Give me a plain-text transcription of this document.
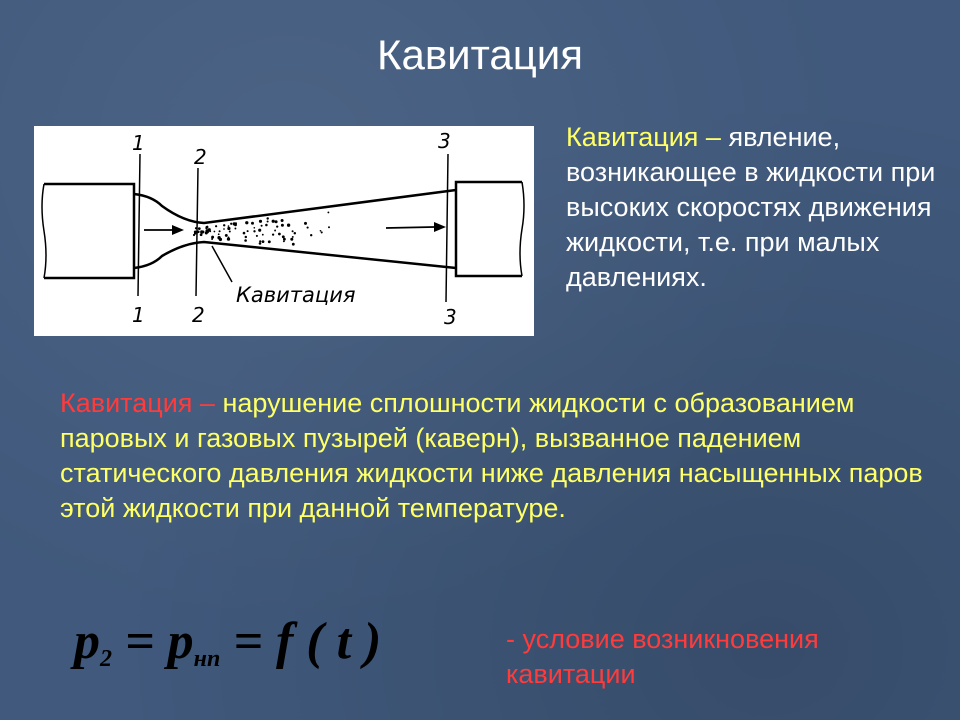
Кавитация
1
2
3
1 2	3
Кавитация
Кавитация – явление, возникающее в жидкости при высоких скоростях движения жидкости, т.е. при малых давлениях.
Кавитация – нарушение сплошности жидкости с образованием паровых и газовых пузырей (каверн), вызванное падением статического давления жидкости ниже давления насыщенных паров этой жидкости при данной температуре.
$p_2 = p_{нп} = f$ ( t )	- условие возникновения кавитации
